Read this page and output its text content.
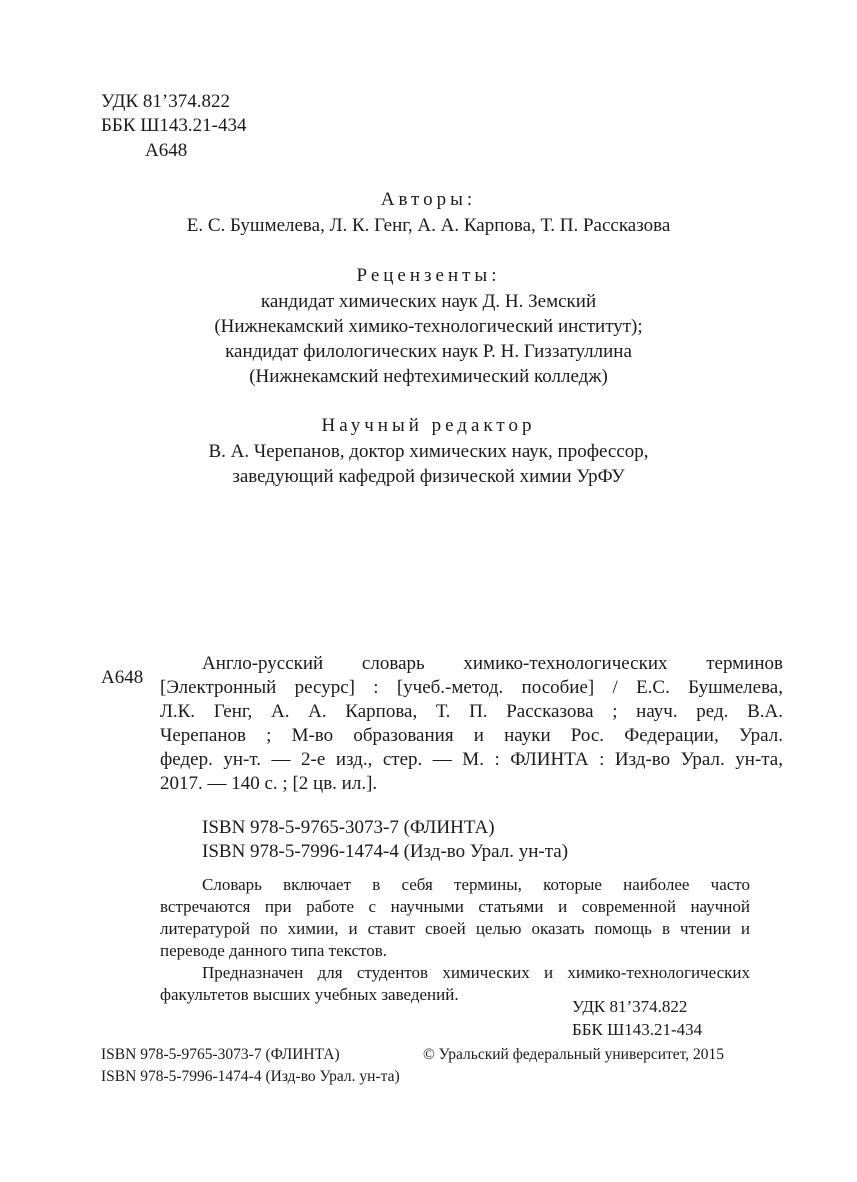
УДК 81’374.822
ББК Ш143.21-434
А648
Авторы:
Е. С. Бушмелева, Л. К. Генг, А. А. Карпова, Т. П. Рассказова
Рецензенты:
кандидат химических наук Д. Н. Земский
(Нижнекамский химико-технологический институт);
кандидат филологических наук Р. Н. Гиззатуллина
(Нижнекамский нефтехимический колледж)
Научный редактор
В. А. Черепанов, доктор химических наук, профессор,
заведующий кафедрой физической химии УрФУ
А648
Англо-русский словарь химико-технологических терминов
[Электронный ресурс] : [учеб.-метод. пособие] / Е.С. Бушмелева,
Л.К. Генг, А. А. Карпова, Т. П. Рассказова ; науч. ред. В.А.
Черепанов ; М-во образования и науки Рос. Федерации, Урал.
федер. ун-т. — 2-е изд., стер. — М. : ФЛИНТА : Изд-во Урал. ун-та,
2017. — 140 с. ; [2 цв. ил.].
ISBN 978-5-9765-3073-7 (ФЛИНТА)
ISBN 978-5-7996-1474-4 (Изд-во Урал. ун-та)
Словарь включает в себя термины, которые наиболее часто
встречаются при работе с научными статьями и современной научной
литературой по химии, и ставит своей целью оказать помощь в чтении и
переводе данного типа текстов.
Предназначен для студентов химических и химико-технологических
факультетов высших учебных заведений.
УДК 81’374.822
ББК Ш143.21-434
ISBN 978-5-9765-3073-7 (ФЛИНТА)
ISBN 978-5-7996-1474-4 (Изд-во Урал. ун-та)
© Уральский федеральный университет, 2015
